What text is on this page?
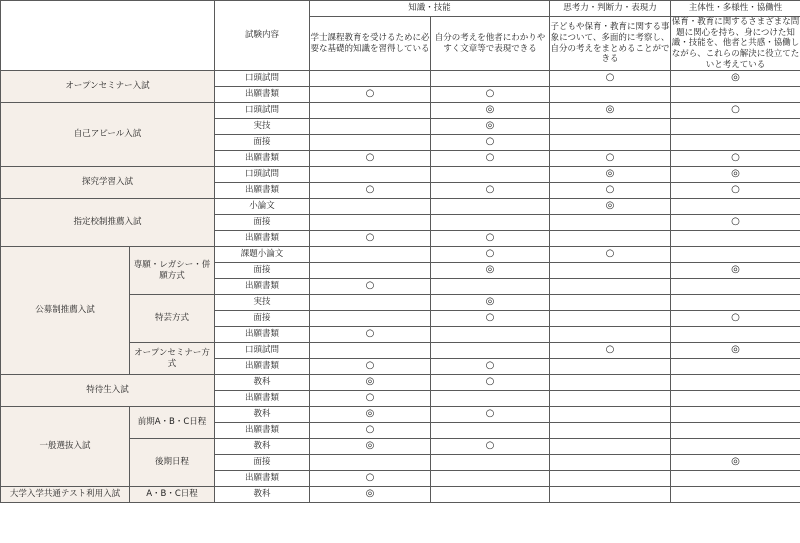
		試験内容	知識・技能		思考力・判断力・表現力	主体性・多様性・協働性
			学士課程教育を受けるために必要な基礎的知識を習得している	自分の考えを他者にわかりやすく文章等で表現できる	子どもや保育・教育に関する事象について、多面的に考察し、自分の考えをまとめることができる	保育・教育に関するさまざまな問題に関心を持ち、身につけた知識・技能を、他者と共感・協働しながら、これらの解決に役立てたいと考えている
オープンセミナー入試		口頭試問			○	◎
		出願書類	○	○		
自己アピール入試		口頭試問		◎	◎	○
		実技		◎		
		面接		○		
		出願書類	○	○	○	○
探究学習入試		口頭試問			◎	◎
		出願書類	○	○	○	○
指定校制推薦入試		小論文			◎	
		面接				○
		出願書類	○	○		
公募制推薦入試	専願・レガシー・併願方式	課題小論文		○	○	
		面接		◎		◎
		出願書類	○			
	特芸方式	実技		◎		
		面接		○		○
		出願書類	○			
	オープンセミナー方式	口頭試問			○	◎
		出願書類	○	○		
特待生入試		教科	◎	○		
		出願書類	○			
一般選抜入試	前期A・B・C日程	教科	◎	○		
		出願書類	○			
	後期日程	教科	◎	○		
		面接				◎
		出願書類	○			
大学入学共通テスト利用入試	A・B・C日程	教科	◎			
